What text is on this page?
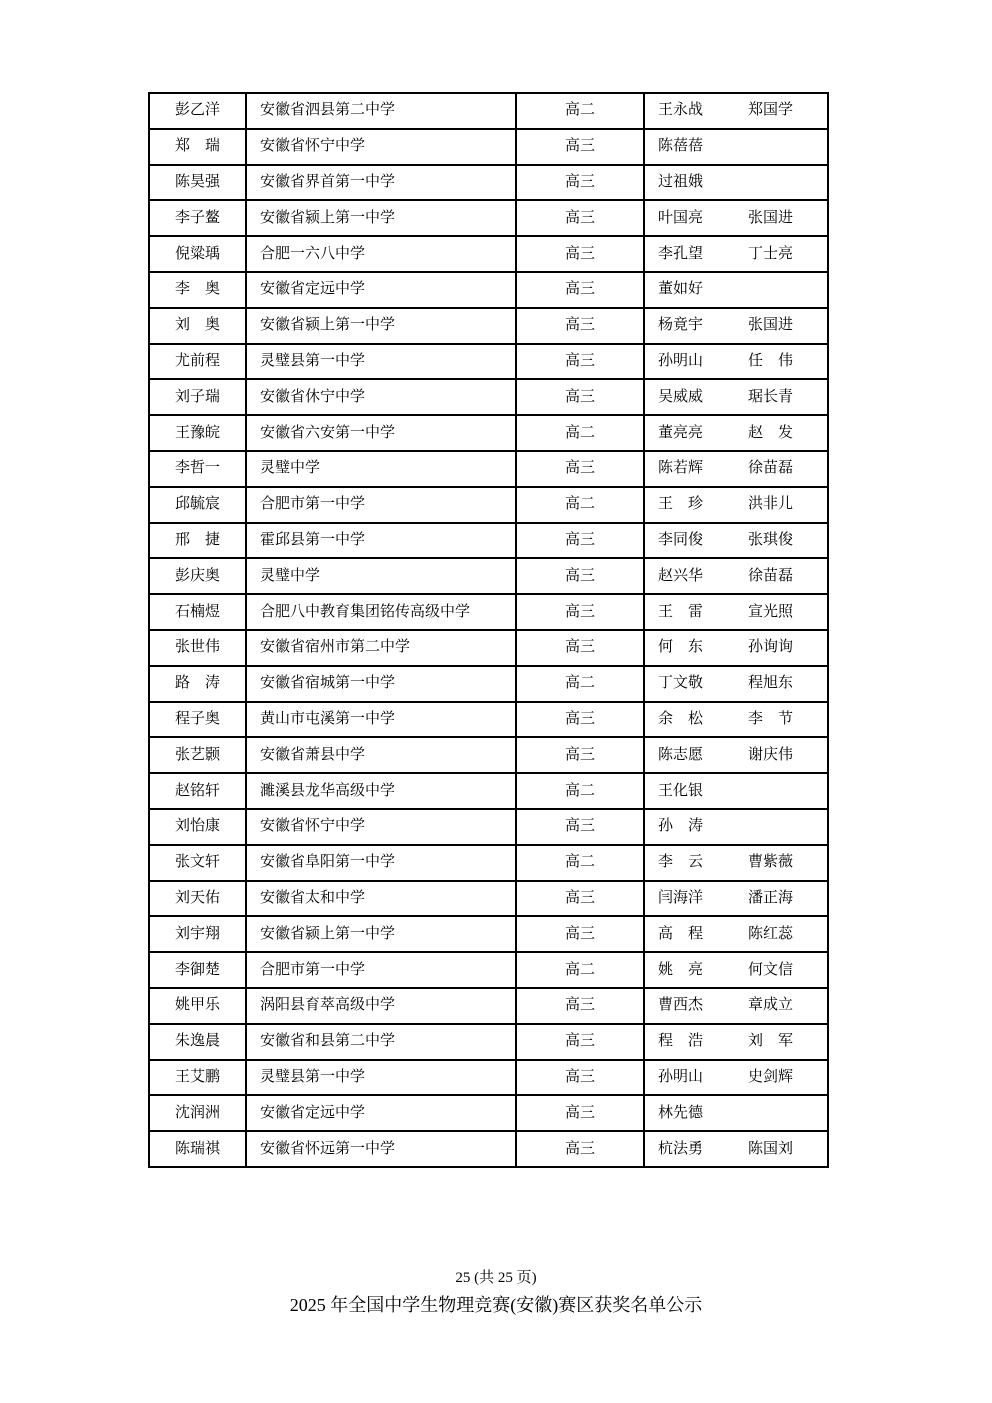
彭乙洋	安徽省泗县第二中学	高二	王永战 郑国学
郑　瑞	安徽省怀宁中学	高三	陈蓓蓓
陈昊强	安徽省界首第一中学	高三	过祖娥
李子鳌	安徽省颍上第一中学	高三	叶国亮 张国进
倪粱瑀	合肥一六八中学	高三	李孔望 丁士亮
李　奥	安徽省定远中学	高三	董如好
刘　奥	安徽省颍上第一中学	高三	杨竟宇 张国进
尤前程	灵璧县第一中学	高三	孙明山 任　伟
刘子瑞	安徽省休宁中学	高三	吴威威 琚长青
王豫皖	安徽省六安第一中学	高二	董亮亮 赵　发
李哲一	灵璧中学	高三	陈若辉 徐苗磊
邱毓宸	合肥市第一中学	高二	王　珍 洪非儿
邢　捷	霍邱县第一中学	高三	李同俊 张琪俊
彭庆奥	灵璧中学	高三	赵兴华 徐苗磊
石楠煜	合肥八中教育集团铭传高级中学	高三	王　雷 宣光照
张世伟	安徽省宿州市第二中学	高三	何　东 孙询询
路　涛	安徽省宿城第一中学	高二	丁文敬 程旭东
程子奥	黄山市屯溪第一中学	高三	余　松 李　节
张艺颢	安徽省萧县中学	高三	陈志愿 谢庆伟
赵铭轩	濉溪县龙华高级中学	高二	王化银
刘怡康	安徽省怀宁中学	高三	孙　涛
张文轩	安徽省阜阳第一中学	高二	李　云 曹紫薇
刘天佑	安徽省太和中学	高三	闫海洋 潘正海
刘宇翔	安徽省颍上第一中学	高三	高　程 陈红蕊
李御楚	合肥市第一中学	高二	姚　亮 何文信
姚甲乐	涡阳县育萃高级中学	高三	曹西杰 章成立
朱逸晨	安徽省和县第二中学	高三	程　浩 刘　军
王艾鹏	灵璧县第一中学	高三	孙明山 史剑辉
沈润洲	安徽省定远中学	高三	林先德
陈瑞祺	安徽省怀远第一中学	高三	杭法勇 陈国刘
25 (共 25 页)
2025 年全国中学生物理竞赛(安徽)赛区获奖名单公示
